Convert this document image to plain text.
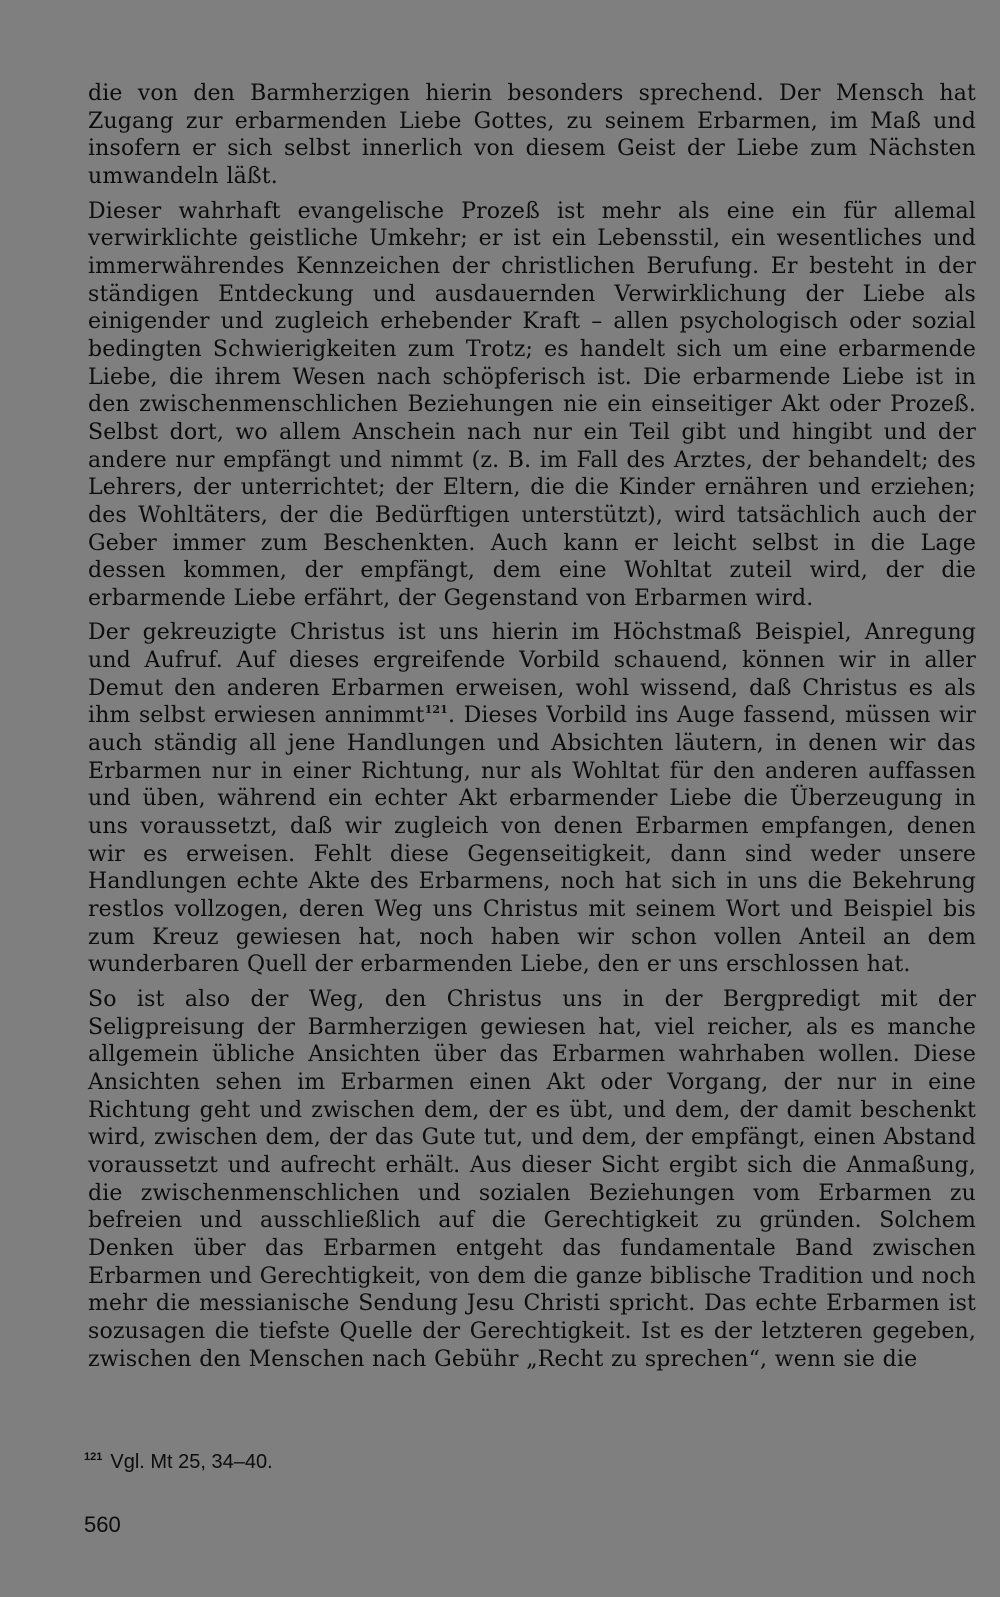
die von den Barmherzigen hierin besonders sprechend. Der Mensch hat Zugang zur erbarmenden Liebe Gottes, zu seinem Erbarmen, im Maß und insofern er sich selbst innerlich von diesem Geist der Liebe zum Nächsten umwandeln läßt.

Dieser wahrhaft evangelische Prozeß ist mehr als eine ein für allemal verwirklichte geistliche Umkehr; er ist ein Lebensstil, ein wesentliches und immerwährendes Kennzeichen der christlichen Berufung. Er besteht in der ständigen Entdeckung und ausdauernden Verwirklichung der Liebe als einigender und zugleich erhebender Kraft – allen psychologisch oder sozial bedingten Schwierigkeiten zum Trotz; es handelt sich um eine erbarmende Liebe, die ihrem Wesen nach schöpferisch ist. Die erbarmende Liebe ist in den zwischenmenschlichen Beziehungen nie ein einseitiger Akt oder Prozeß. Selbst dort, wo allem Anschein nach nur ein Teil gibt und hingibt und der andere nur empfängt und nimmt (z. B. im Fall des Arztes, der behandelt; des Lehrers, der unterrichtet; der Eltern, die die Kinder ernähren und erziehen; des Wohltäters, der die Bedürftigen unterstützt), wird tatsächlich auch der Geber immer zum Beschenkten. Auch kann er leicht selbst in die Lage dessen kommen, der empfängt, dem eine Wohltat zuteil wird, der die erbarmende Liebe erfährt, der Gegenstand von Erbarmen wird.

Der gekreuzigte Christus ist uns hierin im Höchstmaß Beispiel, Anregung und Aufruf. Auf dieses ergreifende Vorbild schauend, können wir in aller Demut den anderen Erbarmen erweisen, wohl wissend, daß Christus es als ihm selbst erwiesen annimmt$^{121}$. Dieses Vorbild ins Auge fassend, müssen wir auch ständig all jene Handlungen und Absichten läutern, in denen wir das Erbarmen nur in einer Richtung, nur als Wohltat für den anderen auffassen und üben, während ein echter Akt erbarmender Liebe die Überzeugung in uns voraussetzt, daß wir zugleich von denen Erbarmen empfangen, denen wir es erweisen. Fehlt diese Gegenseitigkeit, dann sind weder unsere Handlungen echte Akte des Erbarmens, noch hat sich in uns die Bekehrung restlos vollzogen, deren Weg uns Christus mit seinem Wort und Beispiel bis zum Kreuz gewiesen hat, noch haben wir schon vollen Anteil an dem wunderbaren Quell der erbarmenden Liebe, den er uns erschlossen hat.

So ist also der Weg, den Christus uns in der Bergpredigt mit der Seligpreisung der Barmherzigen gewiesen hat, viel reicher, als es manche allgemein übliche Ansichten über das Erbarmen wahrhaben wollen. Diese Ansichten sehen im Erbarmen einen Akt oder Vorgang, der nur in eine Richtung geht und zwischen dem, der es übt, und dem, der damit beschenkt wird, zwischen dem, der das Gute tut, und dem, der empfängt, einen Abstand voraussetzt und aufrecht erhält. Aus dieser Sicht ergibt sich die Anmaßung, die zwischenmenschlichen und sozialen Beziehungen vom Erbarmen zu befreien und ausschließlich auf die Gerechtigkeit zu gründen. Solchem Denken über das Erbarmen entgeht das fundamentale Band zwischen Erbarmen und Gerechtigkeit, von dem die ganze biblische Tradition und noch mehr die messianische Sendung Jesu Christi spricht. Das echte Erbarmen ist sozusagen die tiefste Quelle der Gerechtigkeit. Ist es der letzteren gegeben, zwischen den Menschen nach Gebühr „Recht zu sprechen“, wenn sie die

$^{121}$ Vgl. Mt 25, 34–40.
560
